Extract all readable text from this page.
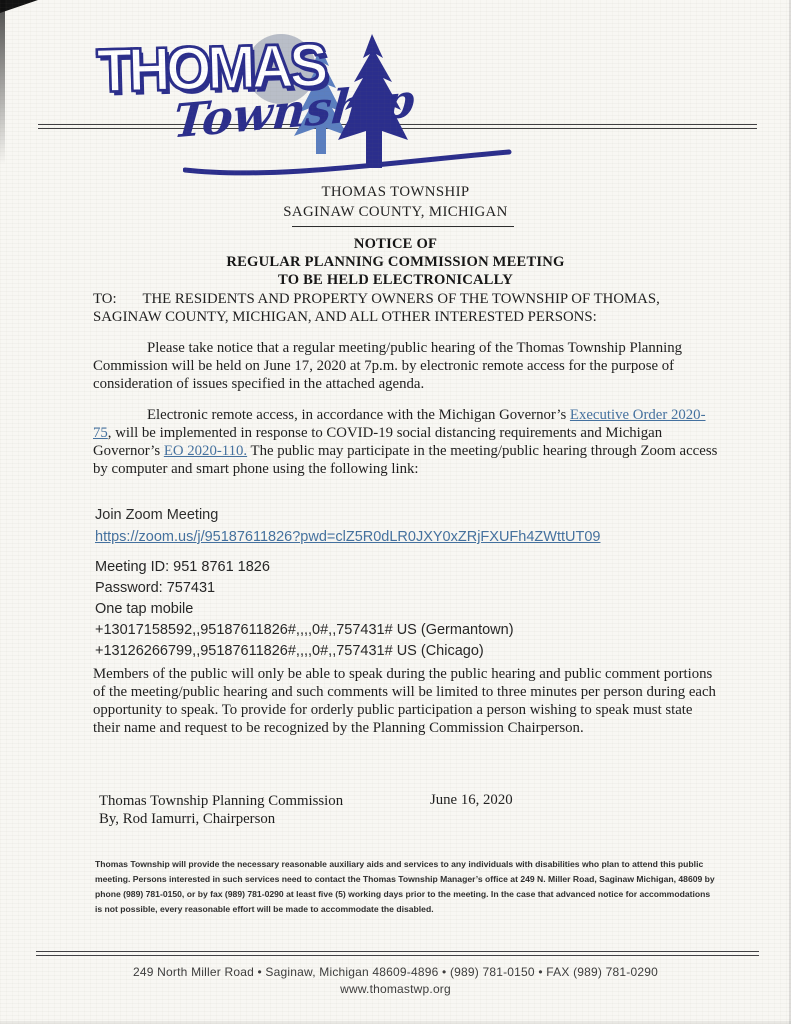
THOMAS
Township
THOMAS TOWNSHIP
SAGINAW COUNTY, MICHIGAN
NOTICE OF
REGULAR PLANNING COMMISSION MEETING
TO BE HELD ELECTRONICALLY
TO:       THE RESIDENTS AND PROPERTY OWNERS OF THE TOWNSHIP OF THOMAS, SAGINAW COUNTY, MICHIGAN, AND ALL OTHER INTERESTED PERSONS:
Please take notice that a regular meeting/public hearing of the Thomas Township Planning Commission will be held on June 17, 2020 at 7p.m. by electronic remote access for the purpose of consideration of issues specified in the attached agenda.
Electronic remote access, in accordance with the Michigan Governor’s Executive Order 2020-75, will be implemented in response to COVID-19 social distancing requirements and Michigan Governor’s EO 2020-110. The public may participate in the meeting/public hearing through Zoom access by computer and smart phone using the following link:
Join Zoom Meeting
https://zoom.us/j/95187611826?pwd=clZ5R0dLR0JXY0xZRjFXUFh4ZWttUT09
Meeting ID: 951 8761 1826
Password: 757431
One tap mobile
+13017158592,,95187611826#,,,,0#,,757431# US (Germantown)
+13126266799,,95187611826#,,,,0#,,757431# US (Chicago)
Members of the public will only be able to speak during the public hearing and public comment portions of the meeting/public hearing and such comments will be limited to three minutes per person during each opportunity to speak. To provide for orderly public participation a person wishing to speak must state their name and request to be recognized by the Planning Commission Chairperson.
Thomas Township Planning Commission
By, Rod Iamurri, Chairperson
June 16, 2020
Thomas Township will provide the necessary reasonable auxiliary aids and services to any individuals with disabilities who plan to attend this public meeting. Persons interested in such services need to contact the Thomas Township Manager’s office at 249 N. Miller Road, Saginaw Michigan, 48609 by phone (989) 781-0150, or by fax (989) 781-0290 at least five (5) working days prior to the meeting. In the case that advanced notice for accommodations is not possible, every reasonable effort will be made to accommodate the disabled.
249 North Miller Road • Saginaw, Michigan 48609-4896 • (989) 781-0150 • FAX (989) 781-0290
www.thomastwp.org
